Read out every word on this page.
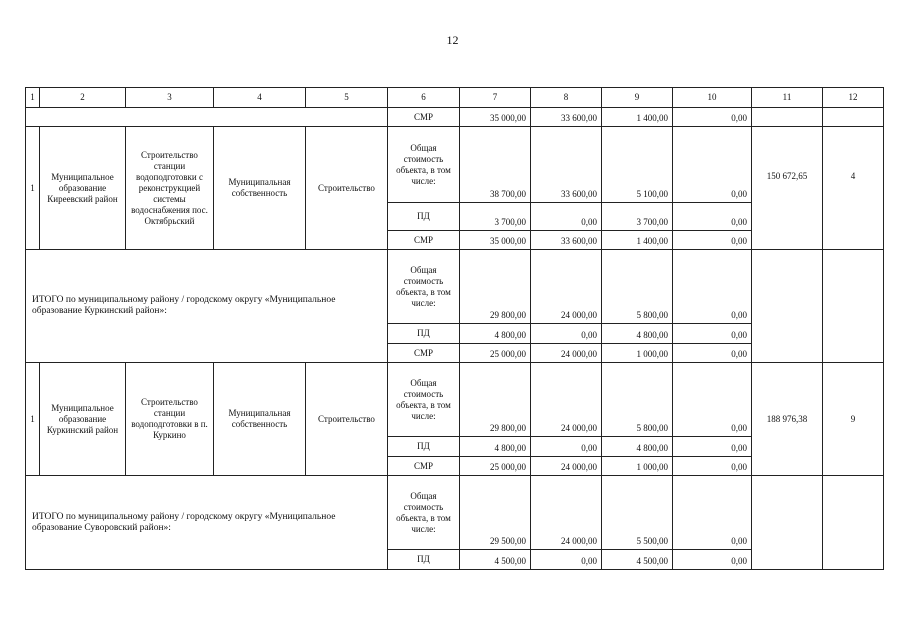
12
1	2	3	4	5	6	7	8	9	10	11	12
					СМР	35 000,00	33 600,00	1 400,00	0,00		
1	Муниципальное образование Киреевский район	Строительство станции водоподготовки с реконструкцией системы водоснабжения пос. Октябрьский	Муниципальная собственность	Строительство	Общая стоимость объекта, в том числе:	38 700,00	33 600,00	5 100,00	0,00	150 672,65	4
					ПД	3 700,00	0,00	3 700,00	0,00		
					СМР	35 000,00	33 600,00	1 400,00	0,00		
ИТОГО по муниципальному району / городскому округу «Муниципальное образование Куркинский район»:					Общая стоимость объекта, в том числе:	29 800,00	24 000,00	5 800,00	0,00		
					ПД	4 800,00	0,00	4 800,00	0,00		
					СМР	25 000,00	24 000,00	1 000,00	0,00		
1	Муниципальное образование Куркинский район	Строительство станции водоподготовки в п. Куркино	Муниципальная собственность	Строительство	Общая стоимость объекта, в том числе:	29 800,00	24 000,00	5 800,00	0,00	188 976,38	9
					ПД	4 800,00	0,00	4 800,00	0,00		
					СМР	25 000,00	24 000,00	1 000,00	0,00		
ИТОГО по муниципальному району / городскому округу «Муниципальное образование Суворовский район»:					Общая стоимость объекта, в том числе:	29 500,00	24 000,00	5 500,00	0,00		
					ПД	4 500,00	0,00	4 500,00	0,00		
